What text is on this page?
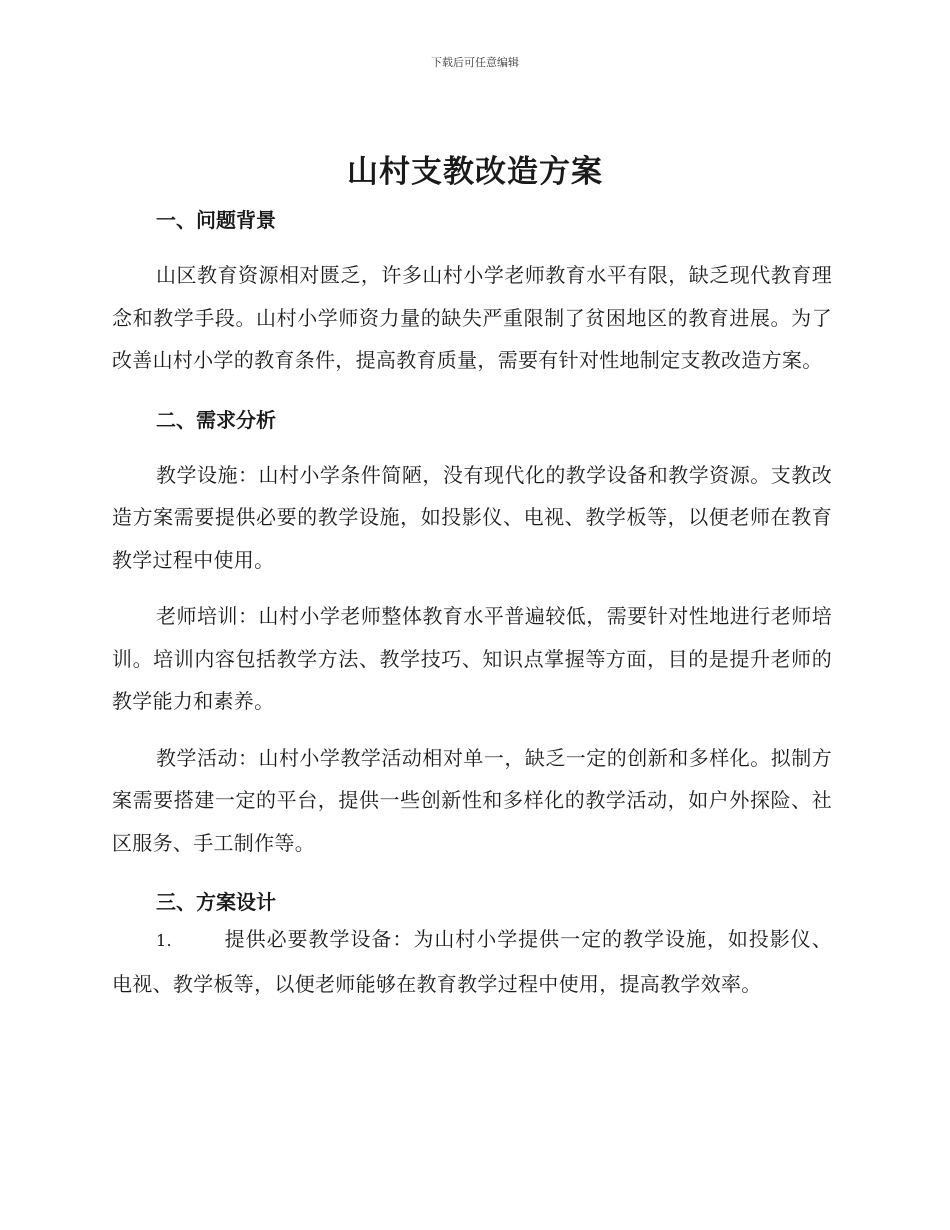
下载后可任意编辑
山村支教改造方案
一、问题背景

山区教育资源相对匮乏，许多山村小学老师教育水平有限，缺乏现代教育理念和教学手段。山村小学师资力量的缺失严重限制了贫困地区的教育进展。为了改善山村小学的教育条件，提高教育质量，需要有针对性地制定支教改造方案。

二、需求分析

教学设施：山村小学条件简陋，没有现代化的教学设备和教学资源。支教改造方案需要提供必要的教学设施，如投影仪、电视、教学板等，以便老师在教育教学过程中使用。

老师培训：山村小学老师整体教育水平普遍较低，需要针对性地进行老师培训。培训内容包括教学方法、教学技巧、知识点掌握等方面，目的是提升老师的教学能力和素养。

教学活动：山村小学教学活动相对单一，缺乏一定的创新和多样化。拟制方案需要搭建一定的平台，提供一些创新性和多样化的教学活动，如户外探险、社区服务、手工制作等。

三、方案设计

1.	提供必要教学设备：为山村小学提供一定的教学设施，如投影仪、电视、教学板等，以便老师能够在教育教学过程中使用，提高教学效率。
